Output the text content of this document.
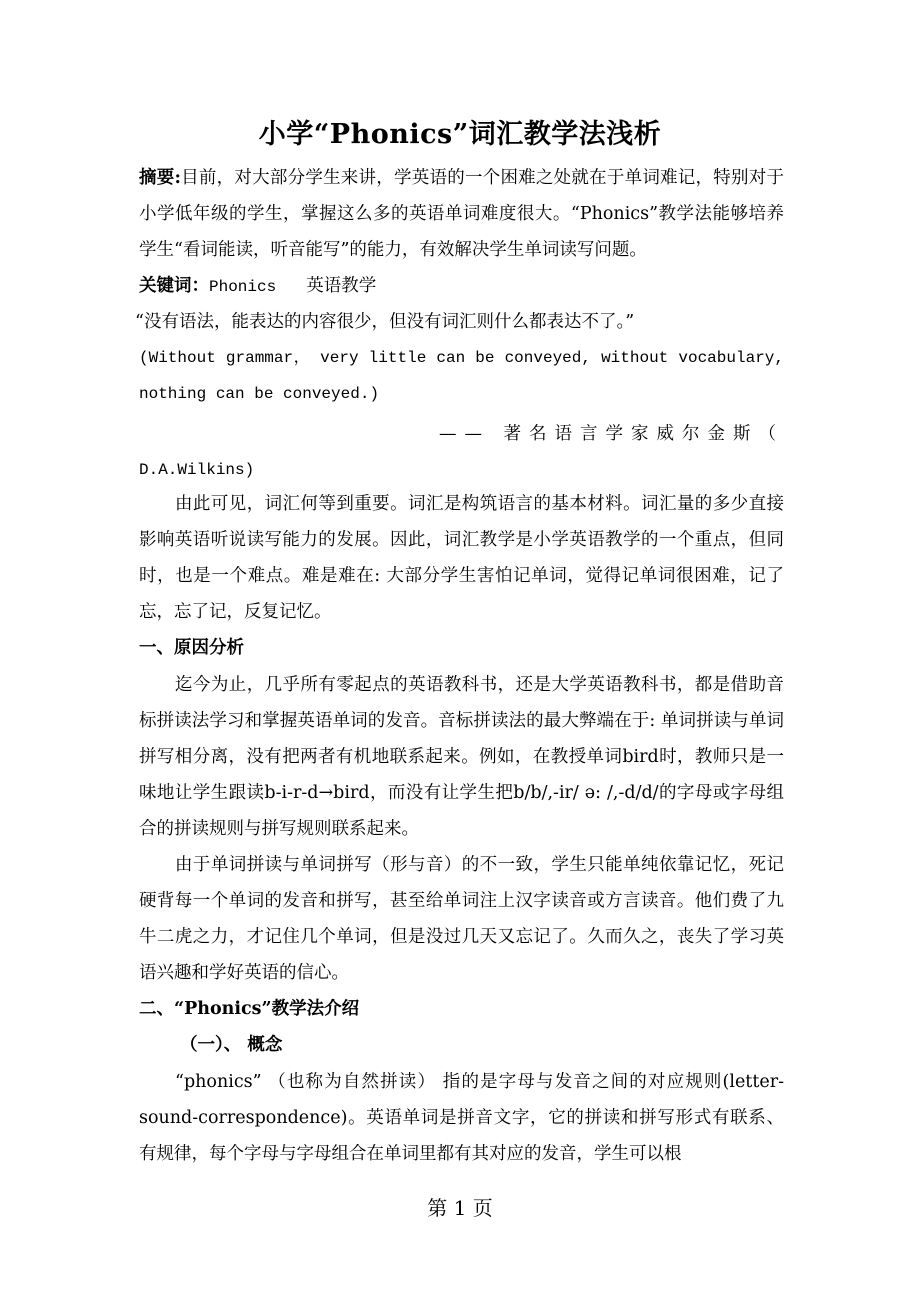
小学“Phonics”词汇教学法浅析
摘要:目前，对大部分学生来讲，学英语的一个困难之处就在于单词难记，特别对于小学低年级的学生，掌握这么多的英语单词难度很大。“Phonics”教学法能够培养学生“看词能读，听音能写”的能力，有效解决学生单词读写问题。
关键词：Phonics 英语教学
“没有语法，能表达的内容很少，但没有词汇则什么都表达不了。”
(Without grammar， very little can be conveyed, without vocabulary, nothing can be conveyed.)
—— 著名语言学家威尔金斯（
D.A.Wilkins)
由此可见，词汇何等到重要。词汇是构筑语言的基本材料。词汇量的多少直接影响英语听说读写能力的发展。因此，词汇教学是小学英语教学的一个重点，但同时，也是一个难点。难是难在: 大部分学生害怕记单词，觉得记单词很困难，记了忘，忘了记，反复记忆。
一、原因分析
迄今为止，几乎所有零起点的英语教科书，还是大学英语教科书，都是借助音标拼读法学习和掌握英语单词的发音。音标拼读法的最大弊端在于: 单词拼读与单词拼写相分离，没有把两者有机地联系起来。例如，在教授单词bird时，教师只是一味地让学生跟读b-i-r-d→bird，而没有让学生把b/b/,-ir/ ə: /,-d/d/的字母或字母组合的拼读规则与拼写规则联系起来。
由于单词拼读与单词拼写（形与音）的不一致，学生只能单纯依靠记忆，死记硬背每一个单词的发音和拼写，甚至给单词注上汉字读音或方言读音。他们费了九牛二虎之力，才记住几个单词，但是没过几天又忘记了。久而久之，丧失了学习英语兴趣和学好英语的信心。
二、“Phonics”教学法介绍
（一）、 概念
“phonics” （也称为自然拼读） 指的是字母与发音之间的对应规则(letter-sound-correspondence)。英语单词是拼音文字，它的拼读和拼写形式有联系、有规律，每个字母与字母组合在单词里都有其对应的发音，学生可以根
第 1 页
